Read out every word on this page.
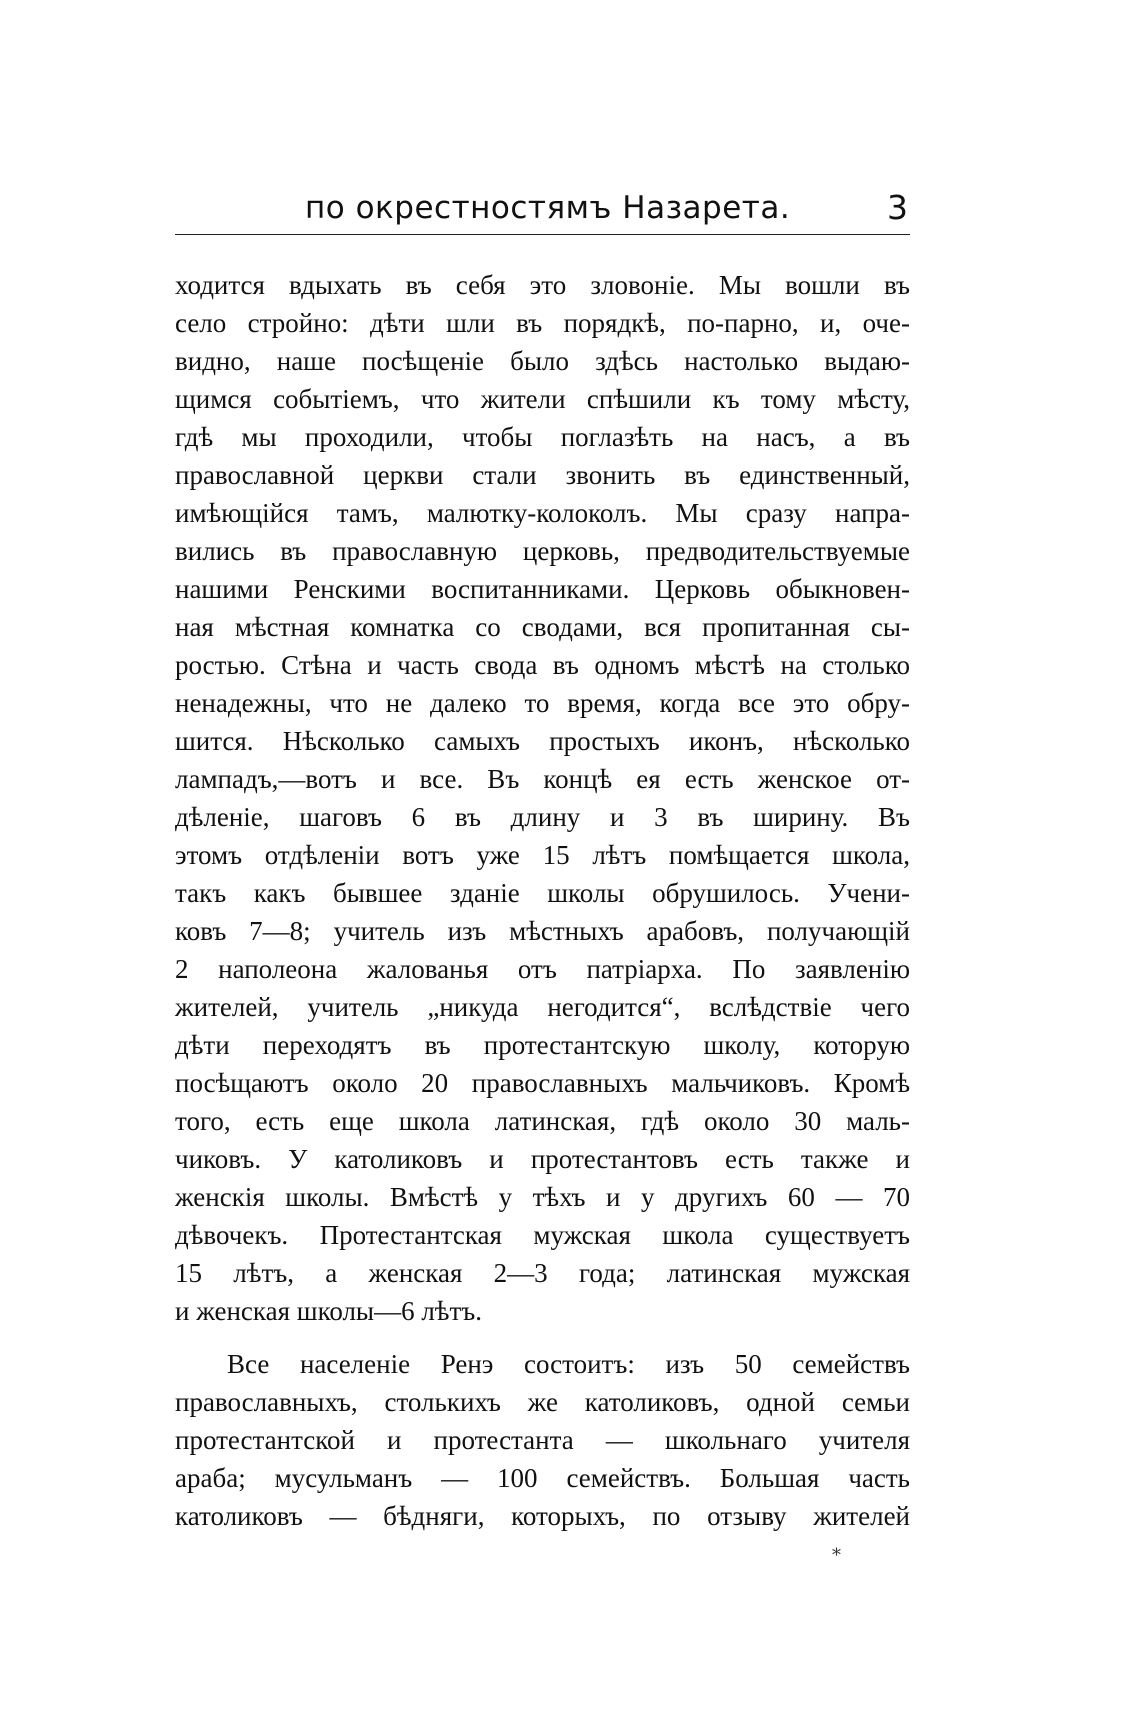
по окрестностямъ Назарета.	3
ходится вдыхать въ себя это зловоніе. Мы вошли въ
село стройно: дѣти шли въ порядкѣ, по-парно, и, оче-
видно, наше посѣщеніе было здѣсь настолько выдаю-
щимся событіемъ, что жители спѣшили къ тому мѣсту,
гдѣ мы проходили, чтобы поглазѣть на насъ, а въ
православной церкви стали звонить въ единственный,
имѣющійся тамъ, малютку-колоколъ. Мы сразу напра-
вились въ православную церковь, предводительствуемые
нашими Ренскими воспитанниками. Церковь обыкновен-
ная мѣстная комнатка со сводами, вся пропитанная сы-
ростью. Стѣна и часть свода въ одномъ мѣстѣ на столько
ненадежны, что не далеко то время, когда все это обру-
шится. Нѣсколько самыхъ простыхъ иконъ, нѣсколько
лампадъ,—вотъ и все. Въ концѣ ея есть женское от-
дѣленіе, шаговъ 6 въ длину и 3 въ ширину. Въ
этомъ отдѣленіи вотъ уже 15 лѣтъ помѣщается школа,
такъ какъ бывшее зданіе школы обрушилось. Учени-
ковъ 7—8; учитель изъ мѣстныхъ арабовъ, получающій
2 наполеона жалованья отъ патріарха. По заявленію
жителей, учитель „никуда негодится“, вслѣдствіе чего
дѣти переходятъ въ протестантскую школу, которую
посѣщаютъ около 20 православныхъ мальчиковъ. Кромѣ
того, есть еще школа латинская, гдѣ около 30 маль-
чиковъ. У католиковъ и протестантовъ есть также и
женскія школы. Вмѣстѣ у тѣхъ и у другихъ 60 — 70
дѣвочекъ. Протестантская мужская школа существуетъ
15 лѣтъ, а женская 2—3 года; латинская мужская
и женская школы—6 лѣтъ.
Все населеніе Ренэ состоитъ: изъ 50 семействъ
православныхъ, столькихъ же католиковъ, одной семьи
протестантской и протестанта — школьнаго учителя
араба; мусульманъ — 100 семействъ. Большая часть
католиковъ — бѣдняги, которыхъ, по отзыву жителей
*
